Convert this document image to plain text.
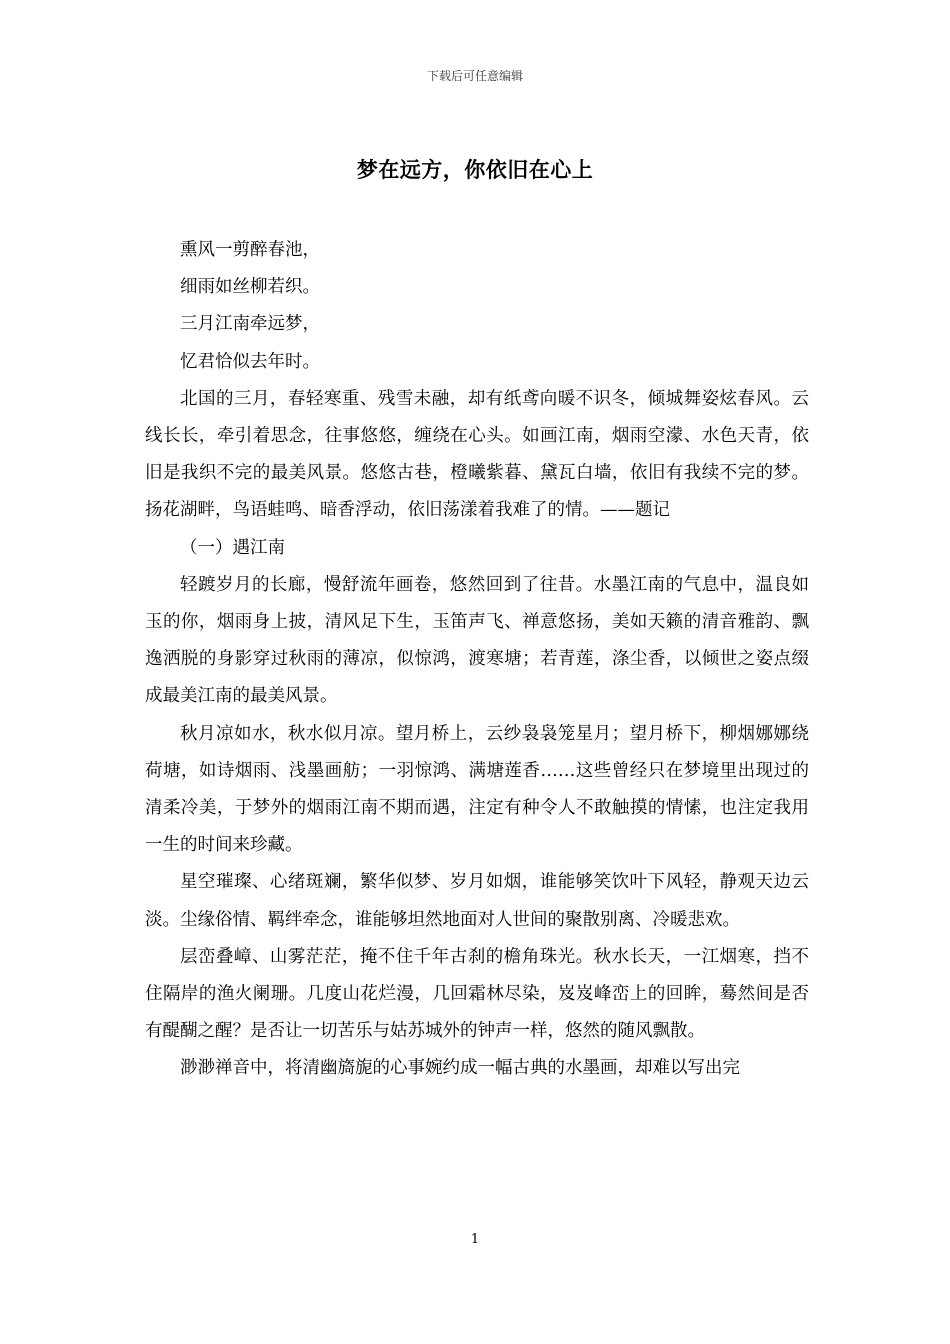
下载后可任意编辑
梦在远方，你依旧在心上

熏风一剪醉春池，

细雨如丝柳若织。

三月江南牵远梦，

忆君恰似去年时。

北国的三月，春轻寒重、残雪未融，却有纸鸢向暖不识冬，倾城舞姿炫春风。云线长长，牵引着思念，往事悠悠，缠绕在心头。如画江南，烟雨空濛、水色天青，依旧是我织不完的最美风景。悠悠古巷，橙曦紫暮、黛瓦白墙，依旧有我续不完的梦。扬花湖畔，鸟语蛙鸣、暗香浮动，依旧荡漾着我难了的情。——题记

（一）遇江南

轻踱岁月的长廊，慢舒流年画卷，悠然回到了往昔。水墨江南的气息中，温良如玉的你，烟雨身上披，清风足下生，玉笛声飞、禅意悠扬，美如天籁的清音雅韵、飘逸洒脱的身影穿过秋雨的薄凉，似惊鸿，渡寒塘；若青莲，涤尘香，以倾世之姿点缀成最美江南的最美风景。

秋月凉如水，秋水似月凉。望月桥上，云纱袅袅笼星月；望月桥下，柳烟娜娜绕荷塘，如诗烟雨、浅墨画舫；一羽惊鸿、满塘莲香……这些曾经只在梦境里出现过的清柔冷美，于梦外的烟雨江南不期而遇，注定有种令人不敢触摸的情愫，也注定我用一生的时间来珍藏。

星空璀璨、心绪斑斓，繁华似梦、岁月如烟，谁能够笑饮叶下风轻，静观天边云淡。尘缘俗情、羁绊牵念，谁能够坦然地面对人世间的聚散别离、冷暖悲欢。

层峦叠嶂、山雾茫茫，掩不住千年古刹的檐角珠光。秋水长天，一江烟寒，挡不住隔岸的渔火阑珊。几度山花烂漫，几回霜林尽染，岌岌峰峦上的回眸，蓦然间是否有醍醐之醒？是否让一切苦乐与姑苏城外的钟声一样，悠然的随风飘散。

渺渺禅音中，将清幽旖旎的心事婉约成一幅古典的水墨画，却难以写出完

1
